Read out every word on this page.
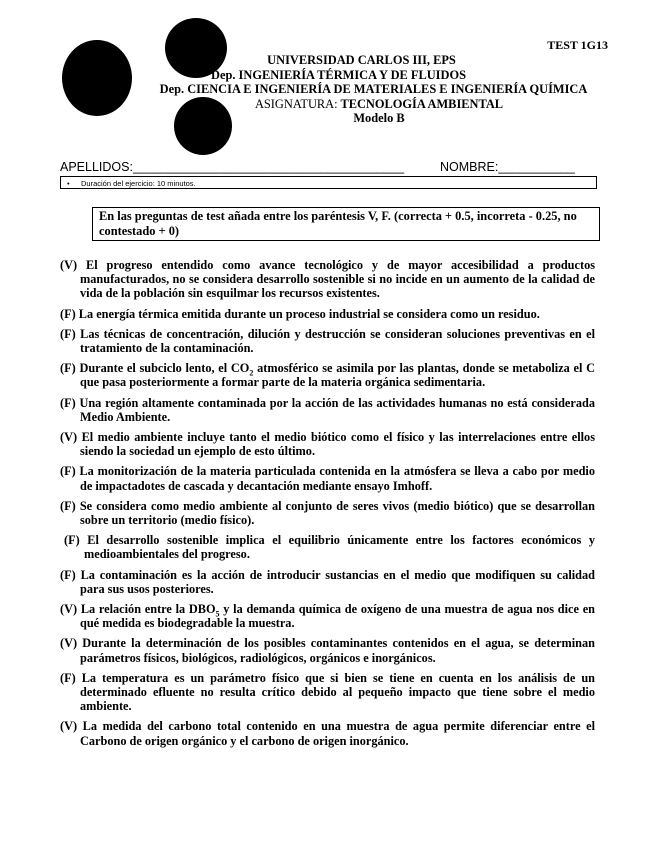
TEST 1G13
UNIVERSIDAD CARLOS III, EPS
Dep. INGENIERÍA TÉRMICA Y DE FLUIDOS
Dep. CIENCIA E INGENIERÍA DE MATERIALES E INGENIERÍA QUÍMICA
ASIGNATURA: TECNOLOGÍA AMBIENTAL
Modelo B
APELLIDOS:_______________________________________	NOMBRE:___________
• Duración del ejercicio: 10 minutos.
En las preguntas de test añada entre los paréntesis V, F. (correcta + 0.5, incorreta - 0.25, no contestado + 0)
(V) El progreso entendido como avance tecnológico y de mayor accesibilidad a productos manufacturados, no se considera desarrollo sostenible si no incide en un aumento de la calidad de vida de la población sin esquilmar los recursos existentes.
(F) La energía térmica emitida durante un proceso industrial se considera como un residuo.
(F) Las técnicas de concentración, dilución y destrucción se consideran soluciones preventivas en el tratamiento de la contaminación.
(F) Durante el subciclo lento, el $CO_2$ atmosférico se asimila por las plantas, donde se metaboliza el C que pasa posteriormente a formar parte de la materia orgánica sedimentaria.
(F) Una región altamente contaminada por la acción de las actividades humanas no está considerada Medio Ambiente.
(V) El medio ambiente incluye tanto el medio biótico como el físico y las interrelaciones entre ellos siendo la sociedad un ejemplo de esto último.
(F) La monitorización de la materia particulada contenida en la atmósfera se lleva a cabo por medio de impactadotes de cascada y decantación mediante ensayo Imhoff.
(F) Se considera como medio ambiente al conjunto de seres vivos (medio biótico) que se desarrollan sobre un territorio (medio físico).
(F) El desarrollo sostenible implica el equilibrio únicamente entre los factores económicos y medioambientales del progreso.
(F) La contaminación es la acción de introducir sustancias en el medio que modifiquen su calidad para sus usos posteriores.
(V) La relación entre la $DBO_5$ y la demanda química de oxígeno de una muestra de agua nos dice en qué medida es biodegradable la muestra.
(V) Durante la determinación de los posibles contaminantes contenidos en el agua, se determinan parámetros físicos, biológicos, radiológicos, orgánicos e inorgánicos.
(F) La temperatura es un parámetro físico que si bien se tiene en cuenta en los análisis de un determinado efluente no resulta crítico debido al pequeño impacto que tiene sobre el medio ambiente.
(V) La medida del carbono total contenido en una muestra de agua permite diferenciar entre el Carbono de origen orgánico y el carbono de origen inorgánico.
